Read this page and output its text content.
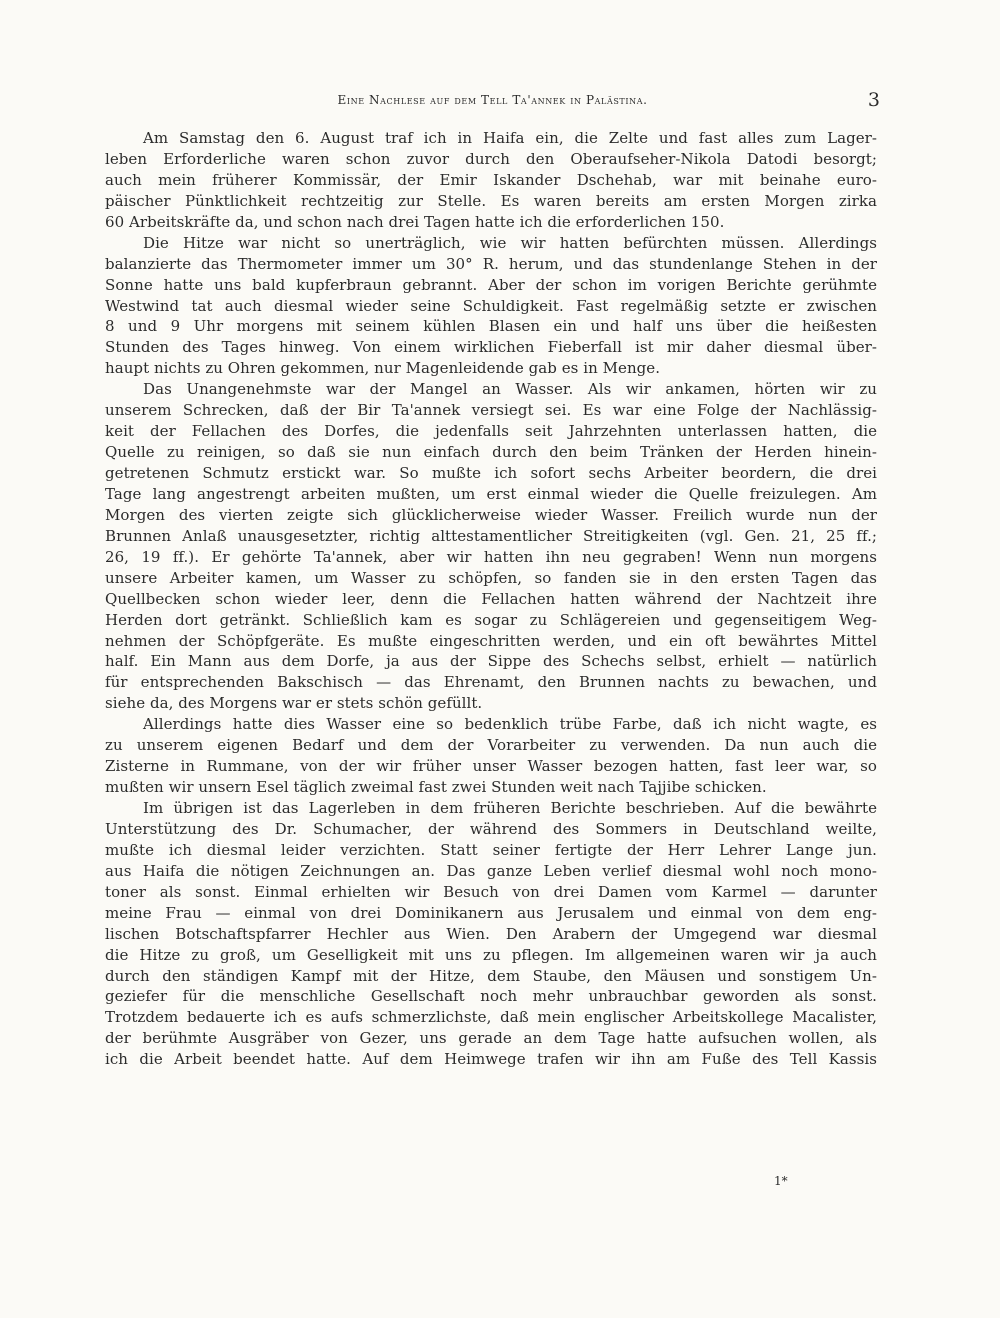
Eine Nachlese auf dem Tell Ta'annek in Palästina.	3
Am Samstag den 6. August traf ich in Haifa ein, die Zelte und fast alles zum Lager-
leben Erforderliche waren schon zuvor durch den Oberaufseher-Nikola Datodi besorgt;
auch mein früherer Kommissär, der Emir Iskander Dschehab, war mit beinahe euro-
päischer Pünktlichkeit rechtzeitig zur Stelle. Es waren bereits am ersten Morgen zirka
60 Arbeitskräfte da, und schon nach drei Tagen hatte ich die erforderlichen 150.
Die Hitze war nicht so unerträglich, wie wir hatten befürchten müssen. Allerdings
balanzierte das Thermometer immer um 30° R. herum, und das stundenlange Stehen in der
Sonne hatte uns bald kupferbraun gebrannt. Aber der schon im vorigen Berichte gerühmte
Westwind tat auch diesmal wieder seine Schuldigkeit. Fast regelmäßig setzte er zwischen
8 und 9 Uhr morgens mit seinem kühlen Blasen ein und half uns über die heißesten
Stunden des Tages hinweg. Von einem wirklichen Fieberfall ist mir daher diesmal über-
haupt nichts zu Ohren gekommen, nur Magenleidende gab es in Menge.
Das Unangenehmste war der Mangel an Wasser. Als wir ankamen, hörten wir zu
unserem Schrecken, daß der Bir Ta'annek versiegt sei. Es war eine Folge der Nachlässig-
keit der Fellachen des Dorfes, die jedenfalls seit Jahrzehnten unterlassen hatten, die
Quelle zu reinigen, so daß sie nun einfach durch den beim Tränken der Herden hinein-
getretenen Schmutz erstickt war. So mußte ich sofort sechs Arbeiter beordern, die drei
Tage lang angestrengt arbeiten mußten, um erst einmal wieder die Quelle freizulegen. Am
Morgen des vierten zeigte sich glücklicherweise wieder Wasser. Freilich wurde nun der
Brunnen Anlaß unausgesetzter, richtig alttestamentlicher Streitigkeiten (vgl. Gen. 21, 25 ff.;
26, 19 ff.). Er gehörte Ta'annek, aber wir hatten ihn neu gegraben! Wenn nun morgens
unsere Arbeiter kamen, um Wasser zu schöpfen, so fanden sie in den ersten Tagen das
Quellbecken schon wieder leer, denn die Fellachen hatten während der Nachtzeit ihre
Herden dort getränkt. Schließlich kam es sogar zu Schlägereien und gegenseitigem Weg-
nehmen der Schöpfgeräte. Es mußte eingeschritten werden, und ein oft bewährtes Mittel
half. Ein Mann aus dem Dorfe, ja aus der Sippe des Schechs selbst, erhielt — natürlich
für entsprechenden Bakschisch — das Ehrenamt, den Brunnen nachts zu bewachen, und
siehe da, des Morgens war er stets schön gefüllt.
Allerdings hatte dies Wasser eine so bedenklich trübe Farbe, daß ich nicht wagte, es
zu unserem eigenen Bedarf und dem der Vorarbeiter zu verwenden. Da nun auch die
Zisterne in Rummane, von der wir früher unser Wasser bezogen hatten, fast leer war, so
mußten wir unsern Esel täglich zweimal fast zwei Stunden weit nach Tajjibe schicken.
Im übrigen ist das Lagerleben in dem früheren Berichte beschrieben. Auf die bewährte
Unterstützung des Dr. Schumacher, der während des Sommers in Deutschland weilte,
mußte ich diesmal leider verzichten. Statt seiner fertigte der Herr Lehrer Lange jun.
aus Haifa die nötigen Zeichnungen an. Das ganze Leben verlief diesmal wohl noch mono-
toner als sonst. Einmal erhielten wir Besuch von drei Damen vom Karmel — darunter
meine Frau — einmal von drei Dominikanern aus Jerusalem und einmal von dem eng-
lischen Botschaftspfarrer Hechler aus Wien. Den Arabern der Umgegend war diesmal
die Hitze zu groß, um Geselligkeit mit uns zu pflegen. Im allgemeinen waren wir ja auch
durch den ständigen Kampf mit der Hitze, dem Staube, den Mäusen und sonstigem Un-
geziefer für die menschliche Gesellschaft noch mehr unbrauchbar geworden als sonst.
Trotzdem bedauerte ich es aufs schmerzlichste, daß mein englischer Arbeitskollege Macalister,
der berühmte Ausgräber von Gezer, uns gerade an dem Tage hatte aufsuchen wollen, als
ich die Arbeit beendet hatte. Auf dem Heimwege trafen wir ihn am Fuße des Tell Kassis
1*
